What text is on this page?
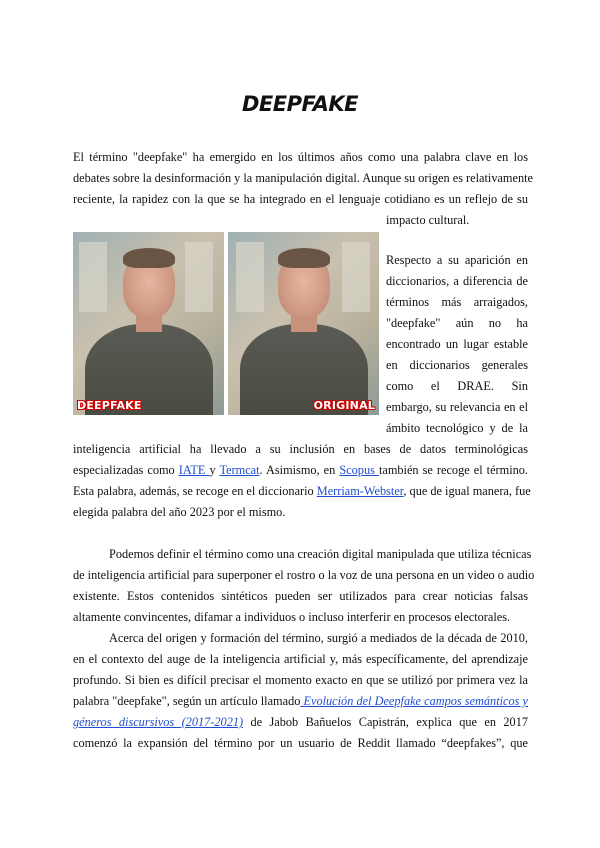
DEEPFAKE
El término "deepfake" ha emergido en los últimos años como una palabra clave en los
debates sobre la desinformación y la manipulación digital. Aunque su origen es relativamente
reciente, la rapidez con la que se ha integrado en el lenguaje cotidiano es un reflejo de su
impacto cultural.
DEEPFAKE	ORIGINAL
Respecto a su aparición en
diccionarios, a diferencia de
términos más arraigados,
"deepfake" aún no ha
encontrado un lugar estable
en diccionarios generales
como el DRAE. Sin
embargo, su relevancia en el
ámbito tecnológico y de la
inteligencia artificial ha llevado a su inclusión en bases de datos terminológicas
especializadas como IATE y Termcat. Asimismo, en Scopus también se recoge el término.
Esta palabra, además, se recoge en el diccionario Merriam-Webster, que de igual manera, fue
elegida palabra del año 2023 por el mismo.
Podemos definir el término como una creación digital manipulada que utiliza técnicas
de inteligencia artificial para superponer el rostro o la voz de una persona en un video o audio
existente. Estos contenidos sintéticos pueden ser utilizados para crear noticias falsas
altamente convincentes, difamar a individuos o incluso interferir en procesos electorales.
Acerca del origen y formación del término, surgió a mediados de la década de 2010,
en el contexto del auge de la inteligencia artificial y, más específicamente, del aprendizaje
profundo. Si bien es difícil precisar el momento exacto en que se utilizó por primera vez la
palabra "deepfake", según un artículo llamado Evolución del Deepfake campos semánticos y
géneros discursivos (2017-2021) de Jabob Bañuelos Capistrán, explica que en 2017
comenzó la expansión del término por un usuario de Reddit llamado “deepfakes”, que
